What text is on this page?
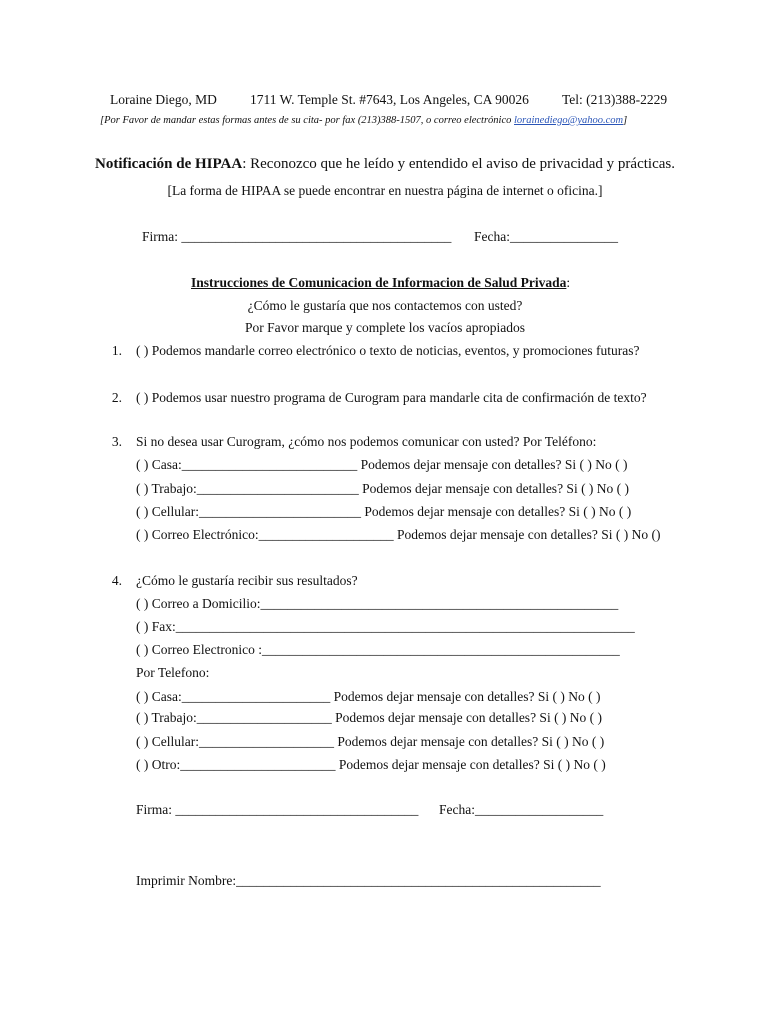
Loraine Diego, MD 1711 W. Temple St. #7643, Los Angeles, CA 90026 Tel: (213)388-2229
[Por Favor de mandar estas formas antes de su cita- por fax (213)388-1507, o correo electrónico lorainediego@yahoo.com]
Notificación de HIPAA: Reconozco que he leído y entendido el aviso de privacidad y prácticas.
[La forma de HIPAA se puede encontrar en nuestra página de internet o oficina.]
Firma: ________________________________________ Fecha:________________
Instrucciones de Comunicacion de Informacion de Salud Privada:
¿Cómo le gustaría que nos contactemos con usted?
Por Favor marque y complete los vacíos apropiados
1. ( ) Podemos mandarle correo electrónico o texto de noticias, eventos, y promociones futuras?
2. ( ) Podemos usar nuestro programa de Curogram para mandarle cita de confirmación de texto?
3. Si no desea usar Curogram, ¿cómo nos podemos comunicar con usted? Por Teléfono:
( ) Casa:__________________________ Podemos dejar mensaje con detalles? Si ( ) No ( )
( ) Trabajo:________________________ Podemos dejar mensaje con detalles? Si ( ) No ( )
( ) Cellular:________________________ Podemos dejar mensaje con detalles? Si ( ) No ( )
( ) Correo Electrónico:____________________ Podemos dejar mensaje con detalles? Si ( ) No ()
4. ¿Cómo le gustaría recibir sus resultados?
( ) Correo a Domicilio:_____________________________________________________
( ) Fax:____________________________________________________________________
( ) Correo Electronico :_____________________________________________________
Por Telefono:
( ) Casa:______________________ Podemos dejar mensaje con detalles? Si ( ) No ( )
( ) Trabajo:____________________ Podemos dejar mensaje con detalles? Si ( ) No ( )
( ) Cellular:____________________ Podemos dejar mensaje con detalles? Si ( ) No ( )
( ) Otro:_______________________ Podemos dejar mensaje con detalles? Si ( ) No ( )
Firma: ____________________________________ Fecha:___________________
Imprimir Nombre:______________________________________________________
